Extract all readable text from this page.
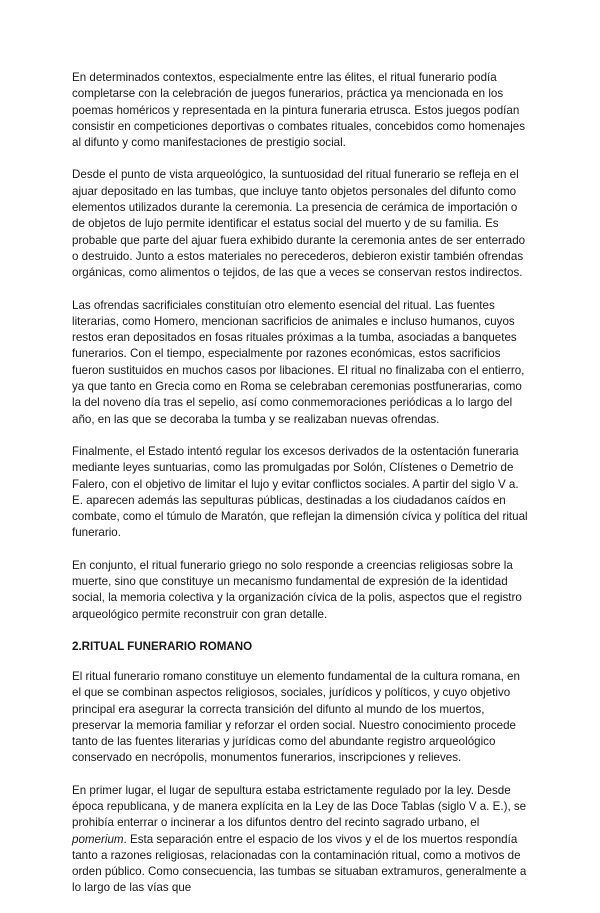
En determinados contextos, especialmente entre las élites, el ritual funerario podía completarse con la celebración de juegos funerarios, práctica ya mencionada en los poemas homéricos y representada en la pintura funeraria etrusca. Estos juegos podían consistir en competiciones deportivas o combates rituales, concebidos como homenajes al difunto y como manifestaciones de prestigio social.

Desde el punto de vista arqueológico, la suntuosidad del ritual funerario se refleja en el ajuar depositado en las tumbas, que incluye tanto objetos personales del difunto como elementos utilizados durante la ceremonia. La presencia de cerámica de importación o de objetos de lujo permite identificar el estatus social del muerto y de su familia. Es probable que parte del ajuar fuera exhibido durante la ceremonia antes de ser enterrado o destruido. Junto a estos materiales no perecederos, debieron existir también ofrendas orgánicas, como alimentos o tejidos, de las que a veces se conservan restos indirectos.

Las ofrendas sacrificiales constituían otro elemento esencial del ritual. Las fuentes literarias, como Homero, mencionan sacrificios de animales e incluso humanos, cuyos restos eran depositados en fosas rituales próximas a la tumba, asociadas a banquetes funerarios. Con el tiempo, especialmente por razones económicas, estos sacrificios fueron sustituidos en muchos casos por libaciones. El ritual no finalizaba con el entierro, ya que tanto en Grecia como en Roma se celebraban ceremonias postfunerarias, como la del noveno día tras el sepelio, así como conmemoraciones periódicas a lo largo del año, en las que se decoraba la tumba y se realizaban nuevas ofrendas.

Finalmente, el Estado intentó regular los excesos derivados de la ostentación funeraria mediante leyes suntuarias, como las promulgadas por Solón, Clístenes o Demetrio de Falero, con el objetivo de limitar el lujo y evitar conflictos sociales. A partir del siglo V a. E. aparecen además las sepulturas públicas, destinadas a los ciudadanos caídos en combate, como el túmulo de Maratón, que reflejan la dimensión cívica y política del ritual funerario.

En conjunto, el ritual funerario griego no solo responde a creencias religiosas sobre la muerte, sino que constituye un mecanismo fundamental de expresión de la identidad social, la memoria colectiva y la organización cívica de la polis, aspectos que el registro arqueológico permite reconstruir con gran detalle.

2.RITUAL FUNERARIO ROMANO

El ritual funerario romano constituye un elemento fundamental de la cultura romana, en el que se combinan aspectos religiosos, sociales, jurídicos y políticos, y cuyo objetivo principal era asegurar la correcta transición del difunto al mundo de los muertos, preservar la memoria familiar y reforzar el orden social. Nuestro conocimiento procede tanto de las fuentes literarias y jurídicas como del abundante registro arqueológico conservado en necrópolis, monumentos funerarios, inscripciones y relieves.

En primer lugar, el lugar de sepultura estaba estrictamente regulado por la ley. Desde época republicana, y de manera explícita en la Ley de las Doce Tablas (siglo V a. E.), se prohibía enterrar o incinerar a los difuntos dentro del recinto sagrado urbano, el pomerium. Esta separación entre el espacio de los vivos y el de los muertos respondía tanto a razones religiosas, relacionadas con la contaminación ritual, como a motivos de orden público. Como consecuencia, las tumbas se situaban extramuros, generalmente a lo largo de las vías que
